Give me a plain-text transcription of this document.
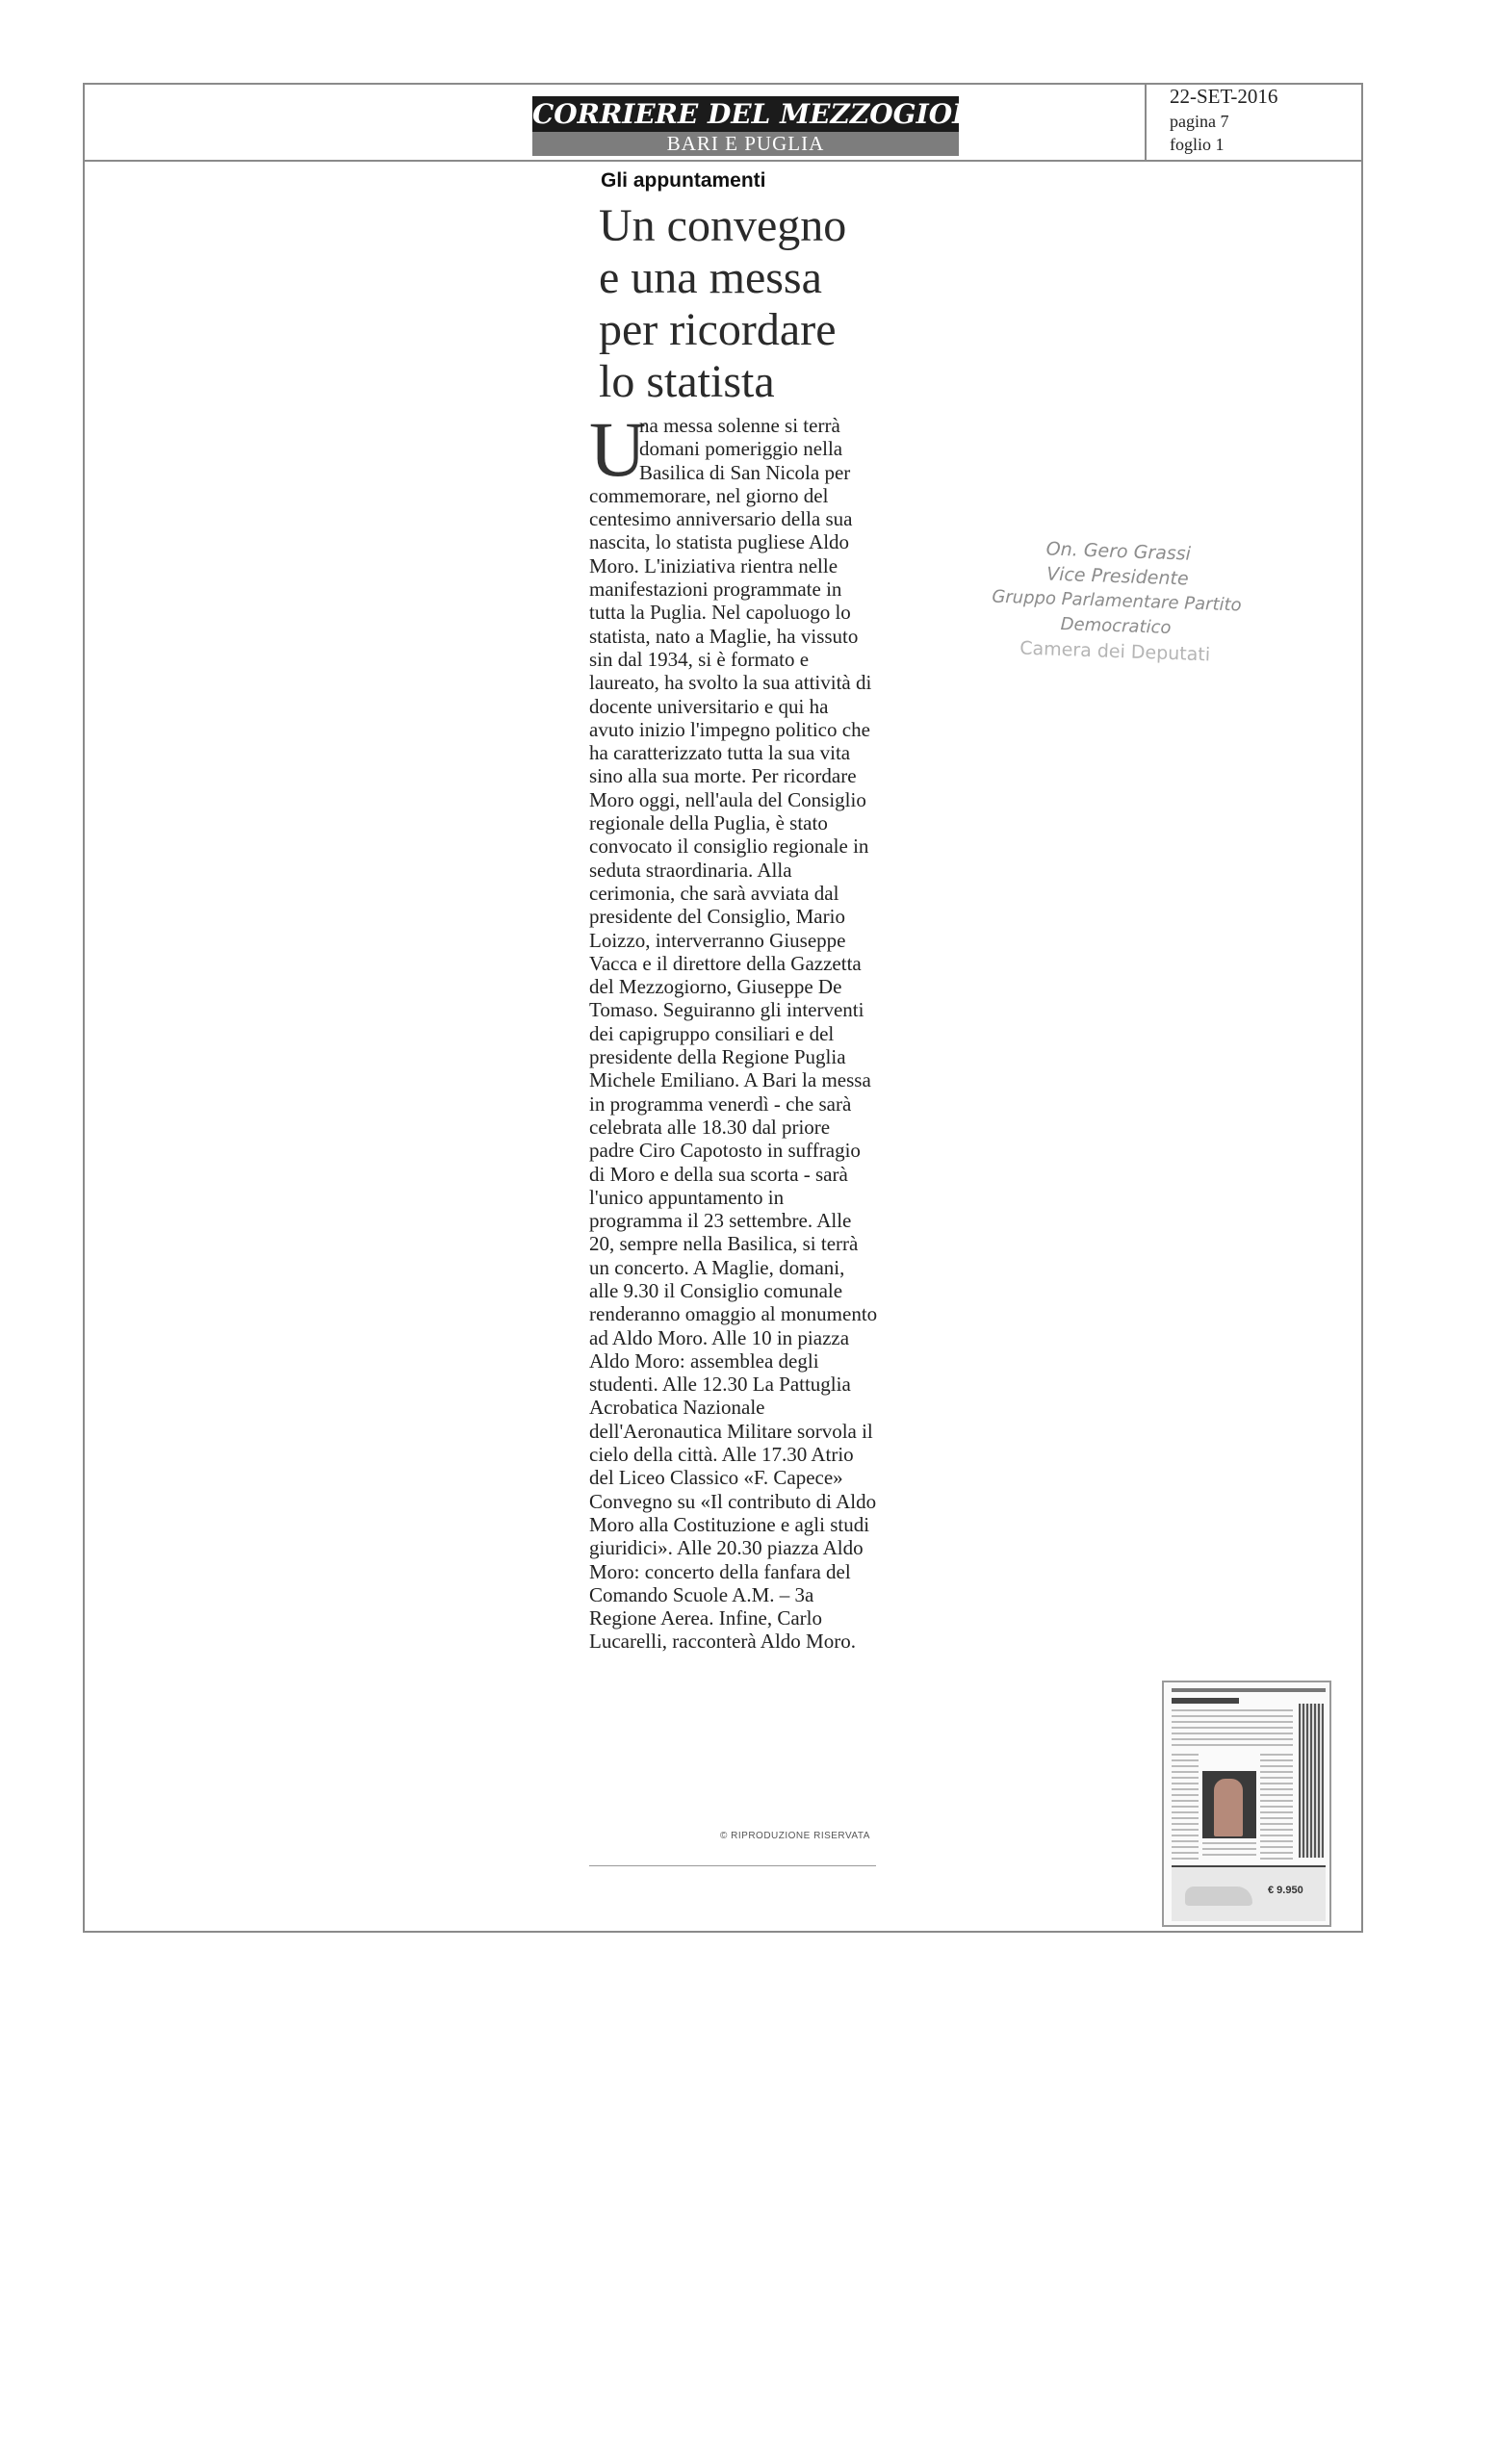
CORRIERE DEL MEZZOGIORNO
BARI E PUGLIA
22-SET-2016
pagina 7
foglio 1
Gli appuntamenti
Un convegno
e una messa
per ricordare
lo statista
U
na messa solenne si terrà domani pomeriggio nella Basilica di San Nicola per commemorare, nel giorno del centesimo anniversario della sua nascita, lo statista pugliese Aldo Moro. L'iniziativa rientra nelle manifestazioni programmate in tutta la Puglia. Nel capoluogo lo statista, nato a Maglie, ha vissuto sin dal 1934, si è formato e laureato, ha svolto la sua attività di docente universitario e qui ha avuto inizio l'impegno politico che ha caratterizzato tutta la sua vita sino alla sua morte. Per ricordare Moro oggi, nell'aula del Consiglio regionale della Puglia, è stato convocato il consiglio regionale in seduta straordinaria. Alla cerimonia, che sarà avviata dal presidente del Consiglio, Mario Loizzo, interverranno Giuseppe Vacca e il direttore della Gazzetta del Mezzogiorno, Giuseppe De Tomaso. Seguiranno gli interventi dei capigruppo consiliari e del presidente della Regione Puglia Michele Emiliano. A Bari la messa in programma venerdì - che sarà celebrata alle 18.30 dal priore padre Ciro Capotosto in suffragio di Moro e della sua scorta - sarà l'unico appuntamento in programma il 23 settembre. Alle 20, sempre nella Basilica, si terrà un concerto. A Maglie, domani, alle 9.30 il Consiglio comunale renderanno omaggio al monumento ad Aldo Moro. Alle 10 in piazza Aldo Moro: assemblea degli studenti. Alle 12.30 La Pattuglia Acrobatica Nazionale dell'Aeronautica Militare sorvola il cielo della città. Alle 17.30 Atrio del Liceo Classico «F. Capece» Convegno su «Il contributo di Aldo Moro alla Costituzione e agli studi giuridici». Alle 20.30 piazza Aldo Moro: concerto della fanfara del Comando Scuole A.M. – 3a Regione Aerea. Infine, Carlo Lucarelli, racconterà Aldo Moro.
© RIPRODUZIONE RISERVATA
On. Gero Grassi
Vice Presidente
Gruppo Parlamentare Partito Democratico
Camera dei Deputati
€ 9.950
